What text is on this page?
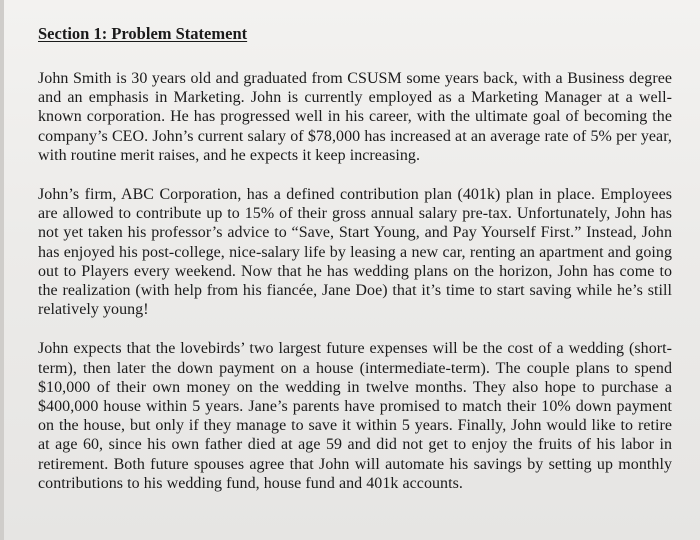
Section 1: Problem Statement

John Smith is 30 years old and graduated from CSUSM some years back, with a Business degree and an emphasis in Marketing. John is currently employed as a Marketing Manager at a well-known corporation. He has progressed well in his career, with the ultimate goal of becoming the company’s CEO. John’s current salary of $78,000 has increased at an average rate of 5% per year, with routine merit raises, and he expects it keep increasing.

John’s firm, ABC Corporation, has a defined contribution plan (401k) plan in place. Employees are allowed to contribute up to 15% of their gross annual salary pre-tax. Unfortunately, John has not yet taken his professor’s advice to “Save, Start Young, and Pay Yourself First.” Instead, John has enjoyed his post-college, nice-salary life by leasing a new car, renting an apartment and going out to Players every weekend. Now that he has wedding plans on the horizon, John has come to the realization (with help from his fiancée, Jane Doe) that it’s time to start saving while he’s still relatively young!

John expects that the lovebirds’ two largest future expenses will be the cost of a wedding (short-term), then later the down payment on a house (intermediate-term). The couple plans to spend $10,000 of their own money on the wedding in twelve months. They also hope to purchase a $400,000 house within 5 years. Jane’s parents have promised to match their 10% down payment on the house, but only if they manage to save it within 5 years. Finally, John would like to retire at age 60, since his own father died at age 59 and did not get to enjoy the fruits of his labor in retirement. Both future spouses agree that John will automate his savings by setting up monthly contributions to his wedding fund, house fund and 401k accounts.
